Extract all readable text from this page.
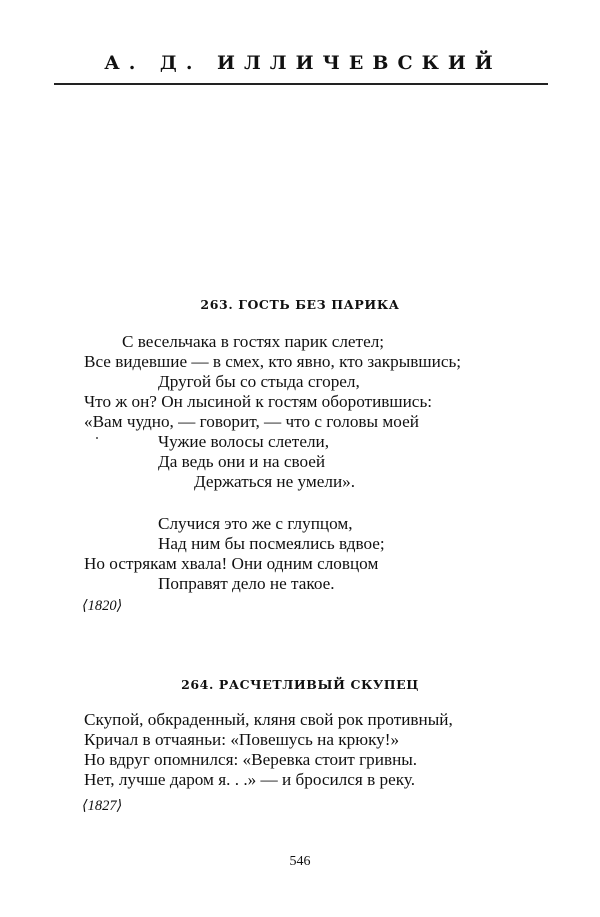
А. Д. ИЛЛИЧЕВСКИЙ
263. ГОСТЬ БЕЗ ПАРИКА
С весельчака в гостях парик слетел;
Все видевшие — в смех, кто явно, кто закрывшись;
Другой бы со стыда сгорел,
Что ж он? Он лысиной к гостям оборотившись:
«Вам чудно, — говорит, — что с головы моей
Чужие волосы слетели,
Да ведь они и на своей
Держаться не умели».
Случися это же с глупцом,
Над ним бы посмеялись вдвое;
Но острякам хвала! Они одним словцом
Поправят дело не такое.
⟨1820⟩
264. РАСЧЕТЛИВЫЙ СКУПЕЦ
Скупой, обкраденный, кляня свой рок противный,
Кричал в отчаяньи: «Повешусь на крюку!»
Но вдруг опомнился: «Веревка стоит гривны.
Нет, лучше даром я. . .» — и бросился в реку.
⟨1827⟩
546
